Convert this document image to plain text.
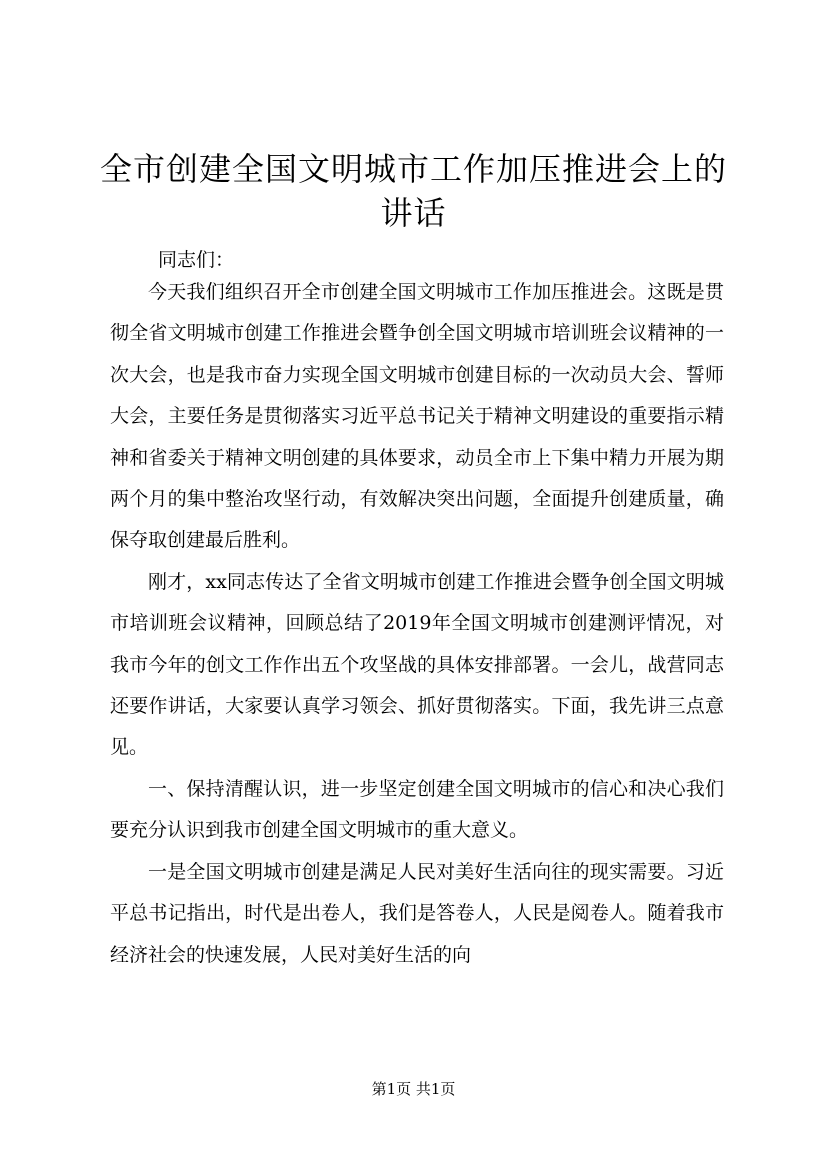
全市创建全国文明城市工作加压推进会上的讲话

同志们：

今天我们组织召开全市创建全国文明城市工作加压推进会。这既是贯彻全省文明城市创建工作推进会暨争创全国文明城市培训班会议精神的一次大会，也是我市奋力实现全国文明城市创建目标的一次动员大会、誓师大会，主要任务是贯彻落实习近平总书记关于精神文明建设的重要指示精神和省委关于精神文明创建的具体要求，动员全市上下集中精力开展为期两个月的集中整治攻坚行动，有效解决突出问题，全面提升创建质量，确保夺取创建最后胜利。

刚才，xx同志传达了全省文明城市创建工作推进会暨争创全国文明城市培训班会议精神，回顾总结了2019年全国文明城市创建测评情况，对我市今年的创文工作作出五个攻坚战的具体安排部署。一会儿，战营同志还要作讲话，大家要认真学习领会、抓好贯彻落实。下面，我先讲三点意见。

一、保持清醒认识，进一步坚定创建全国文明城市的信心和决心我们要充分认识到我市创建全国文明城市的重大意义。

一是全国文明城市创建是满足人民对美好生活向往的现实需要。习近平总书记指出，时代是出卷人，我们是答卷人，人民是阅卷人。随着我市经济社会的快速发展，人民对美好生活的向

第1页 共1页
